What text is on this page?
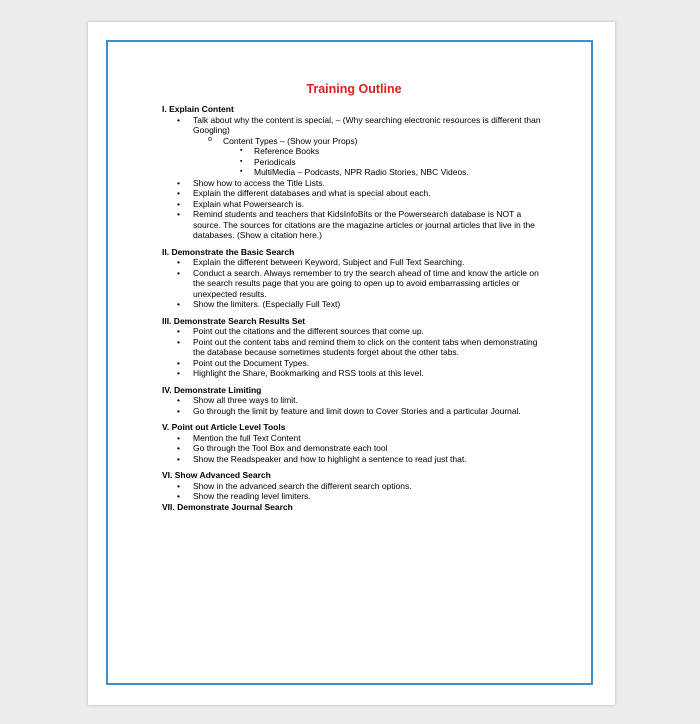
Training Outline
I. Explain Content
• Talk about why the content is special, – (Why searching electronic resources is different than Googling)
o Content Types – (Show your Props)
▪ Reference Books
▪ Periodicals
▪ MultiMedia – Podcasts, NPR Radio Stories, NBC Videos.
• Show how to access the Title Lists.
• Explain the different databases and what is special about each.
• Explain what Powersearch is.
• Remind students and teachers that KidsInfoBits or the Powersearch database is NOT a source. The sources for citations are the magazine articles or journal articles that live in the databases. (Show a citation here.)
II. Demonstrate the Basic Search
• Explain the different between Keyword, Subject and Full Text Searching.
• Conduct a search. Always remember to try the search ahead of time and know the article on the search results page that you are going to open up to avoid embarrassing articles or unexpected results.
• Show the limiters. (Especially Full Text)
III. Demonstrate Search Results Set
• Point out the citations and the different sources that come up.
• Point out the content tabs and remind them to click on the content tabs when demonstrating the database because sometimes students forget about the other tabs.
• Point out the Document Types.
• Highlight the Share, Bookmarking and RSS tools at this level.
IV. Demonstrate Limiting
• Show all three ways to limit.
• Go through the limit by feature and limit down to Cover Stories and a particular Journal.
V. Point out Article Level Tools
• Mention the full Text Content
• Go through the Tool Box and demonstrate each tool
• Show the Readspeaker and how to highlight a sentence to read just that.
VI. Show Advanced Search
• Show in the advanced search the different search options.
• Show the reading level limiters.
VII. Demonstrate Journal Search
